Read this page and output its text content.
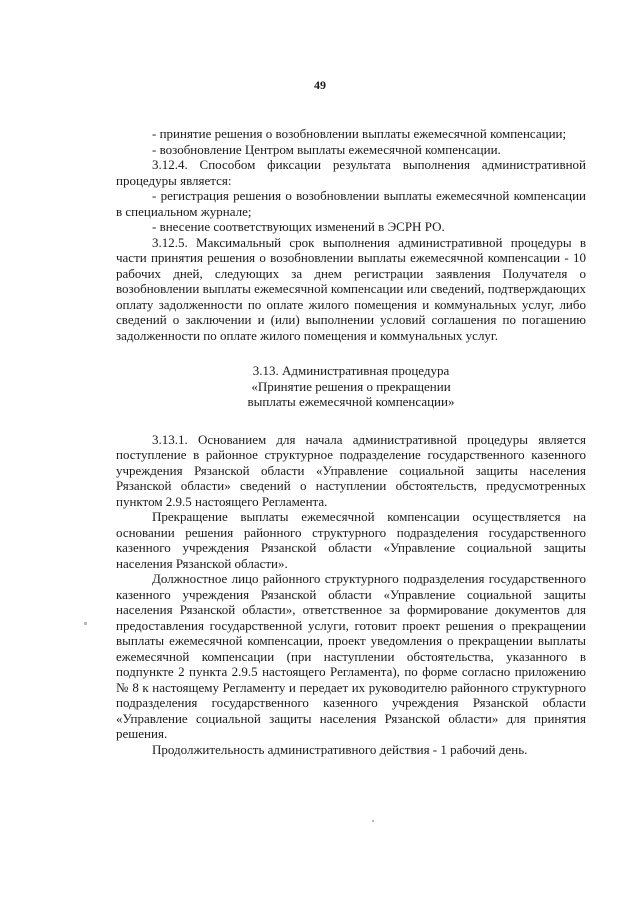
49

- принятие решения о возобновлении выплаты ежемесячной компенсации;

- возобновление Центром выплаты ежемесячной компенсации.

3.12.4. Способом фиксации результата выполнения административной процедуры является:

- регистрация решения о возобновлении выплаты ежемесячной компенсации в специальном журнале;

- внесение соответствующих изменений в ЭСРН РО.

3.12.5. Максимальный срок выполнения административной процедуры в части принятия решения о возобновлении выплаты ежемесячной компенсации - 10 рабочих дней, следующих за днем регистрации заявления Получателя о возобновлении выплаты ежемесячной компенсации или сведений, подтверждающих оплату задолженности по оплате жилого помещения и коммунальных услуг, либо сведений о заключении и (или) выполнении условий соглашения по погашению задолженности по оплате жилого помещения и коммунальных услуг.

3.13. Административная процедура
«Принятие решения о прекращении
выплаты ежемесячной компенсации»

3.13.1. Основанием для начала административной процедуры является поступление в районное структурное подразделение государственного казенного учреждения Рязанской области «Управление социальной защиты населения Рязанской области» сведений о наступлении обстоятельств, предусмотренных пунктом 2.9.5 настоящего Регламента.

Прекращение выплаты ежемесячной компенсации осуществляется на основании решения районного структурного подразделения государственного казенного учреждения Рязанской области «Управление социальной защиты населения Рязанской области».

Должностное лицо районного структурного подразделения государственного казенного учреждения Рязанской области «Управление социальной защиты населения Рязанской области», ответственное за формирование документов для предоставления государственной услуги, готовит проект решения о прекращении выплаты ежемесячной компенсации, проект уведомления о прекращении выплаты ежемесячной компенсации (при наступлении обстоятельства, указанного в подпункте 2 пункта 2.9.5 настоящего Регламента), по форме согласно приложению № 8 к настоящему Регламенту и передает их руководителю районного структурного подразделения государственного казенного учреждения Рязанской области «Управление социальной защиты населения Рязанской области» для принятия решения.

Продолжительность административного действия - 1 рабочий день.
